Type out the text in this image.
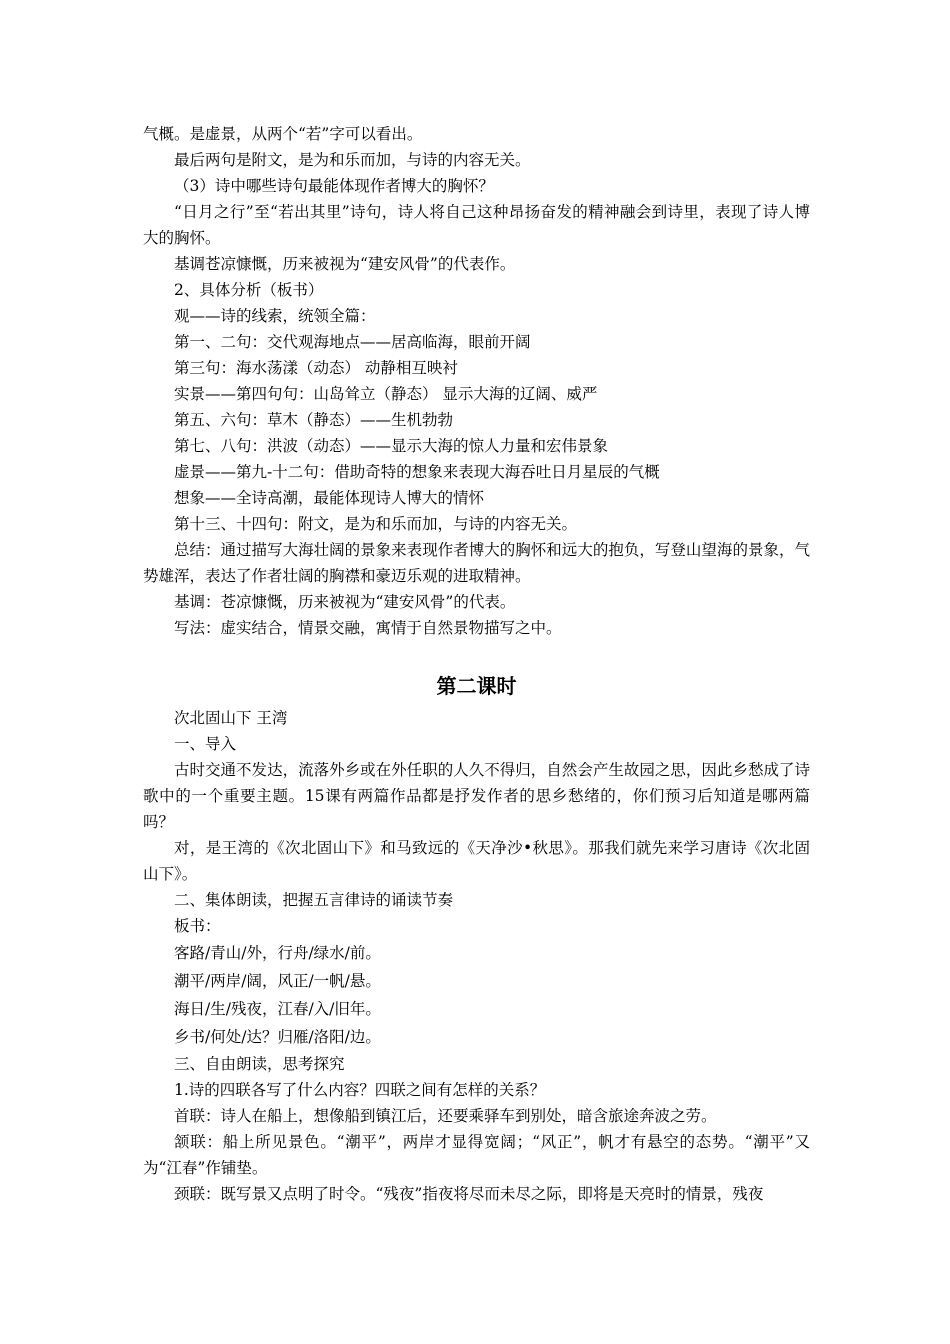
气概。是虚景，从两个“若”字可以看出。

最后两句是附文，是为和乐而加，与诗的内容无关。

（3）诗中哪些诗句最能体现作者博大的胸怀？

“日月之行”至“若出其里”诗句，诗人将自己这种昂扬奋发的精神融会到诗里，表现了诗人博大的胸怀。

基调苍凉慷慨，历来被视为“建安风骨”的代表作。

2、具体分析（板书）

观——诗的线索，统领全篇：

第一、二句：交代观海地点——居高临海，眼前开阔

第三句：海水荡漾（动态） 动静相互映衬

实景——第四句句：山岛耸立（静态） 显示大海的辽阔、威严

第五、六句：草木（静态）——生机勃勃

第七、八句：洪波（动态）——显示大海的惊人力量和宏伟景象

虚景——第九-十二句：借助奇特的想象来表现大海吞吐日月星辰的气概

想象——全诗高潮，最能体现诗人博大的情怀

第十三、十四句：附文，是为和乐而加，与诗的内容无关。

总结：通过描写大海壮阔的景象来表现作者博大的胸怀和远大的抱负，写登山望海的景象，气势雄浑，表达了作者壮阔的胸襟和豪迈乐观的进取精神。

基调：苍凉慷慨，历来被视为“建安风骨”的代表。

写法：虚实结合，情景交融，寓情于自然景物描写之中。

第二课时

次北固山下 王湾

一、导入

古时交通不发达，流落外乡或在外任职的人久不得归，自然会产生故园之思，因此乡愁成了诗歌中的一个重要主题。15课有两篇作品都是抒发作者的思乡愁绪的，你们预习后知道是哪两篇吗？

对，是王湾的《次北固山下》和马致远的《天净沙•秋思》。那我们就先来学习唐诗《次北固山下》。

二、集体朗读，把握五言律诗的诵读节奏

板书：

客路/青山/外，行舟/绿水/前。

潮平/两岸/阔，风正/一帆/悬。

海日/生/残夜，江春/入/旧年。

乡书/何处/达？归雁/洛阳/边。

三、自由朗读，思考探究

1.诗的四联各写了什么内容？四联之间有怎样的关系？

首联：诗人在船上，想像船到镇江后，还要乘驿车到别处，暗含旅途奔波之劳。

颔联：船上所见景色。“潮平”，两岸才显得宽阔；“风正”，帆才有悬空的态势。“潮平”又为“江春”作铺垫。

颈联：既写景又点明了时令。“残夜”指夜将尽而未尽之际，即将是天亮时的情景，残夜
